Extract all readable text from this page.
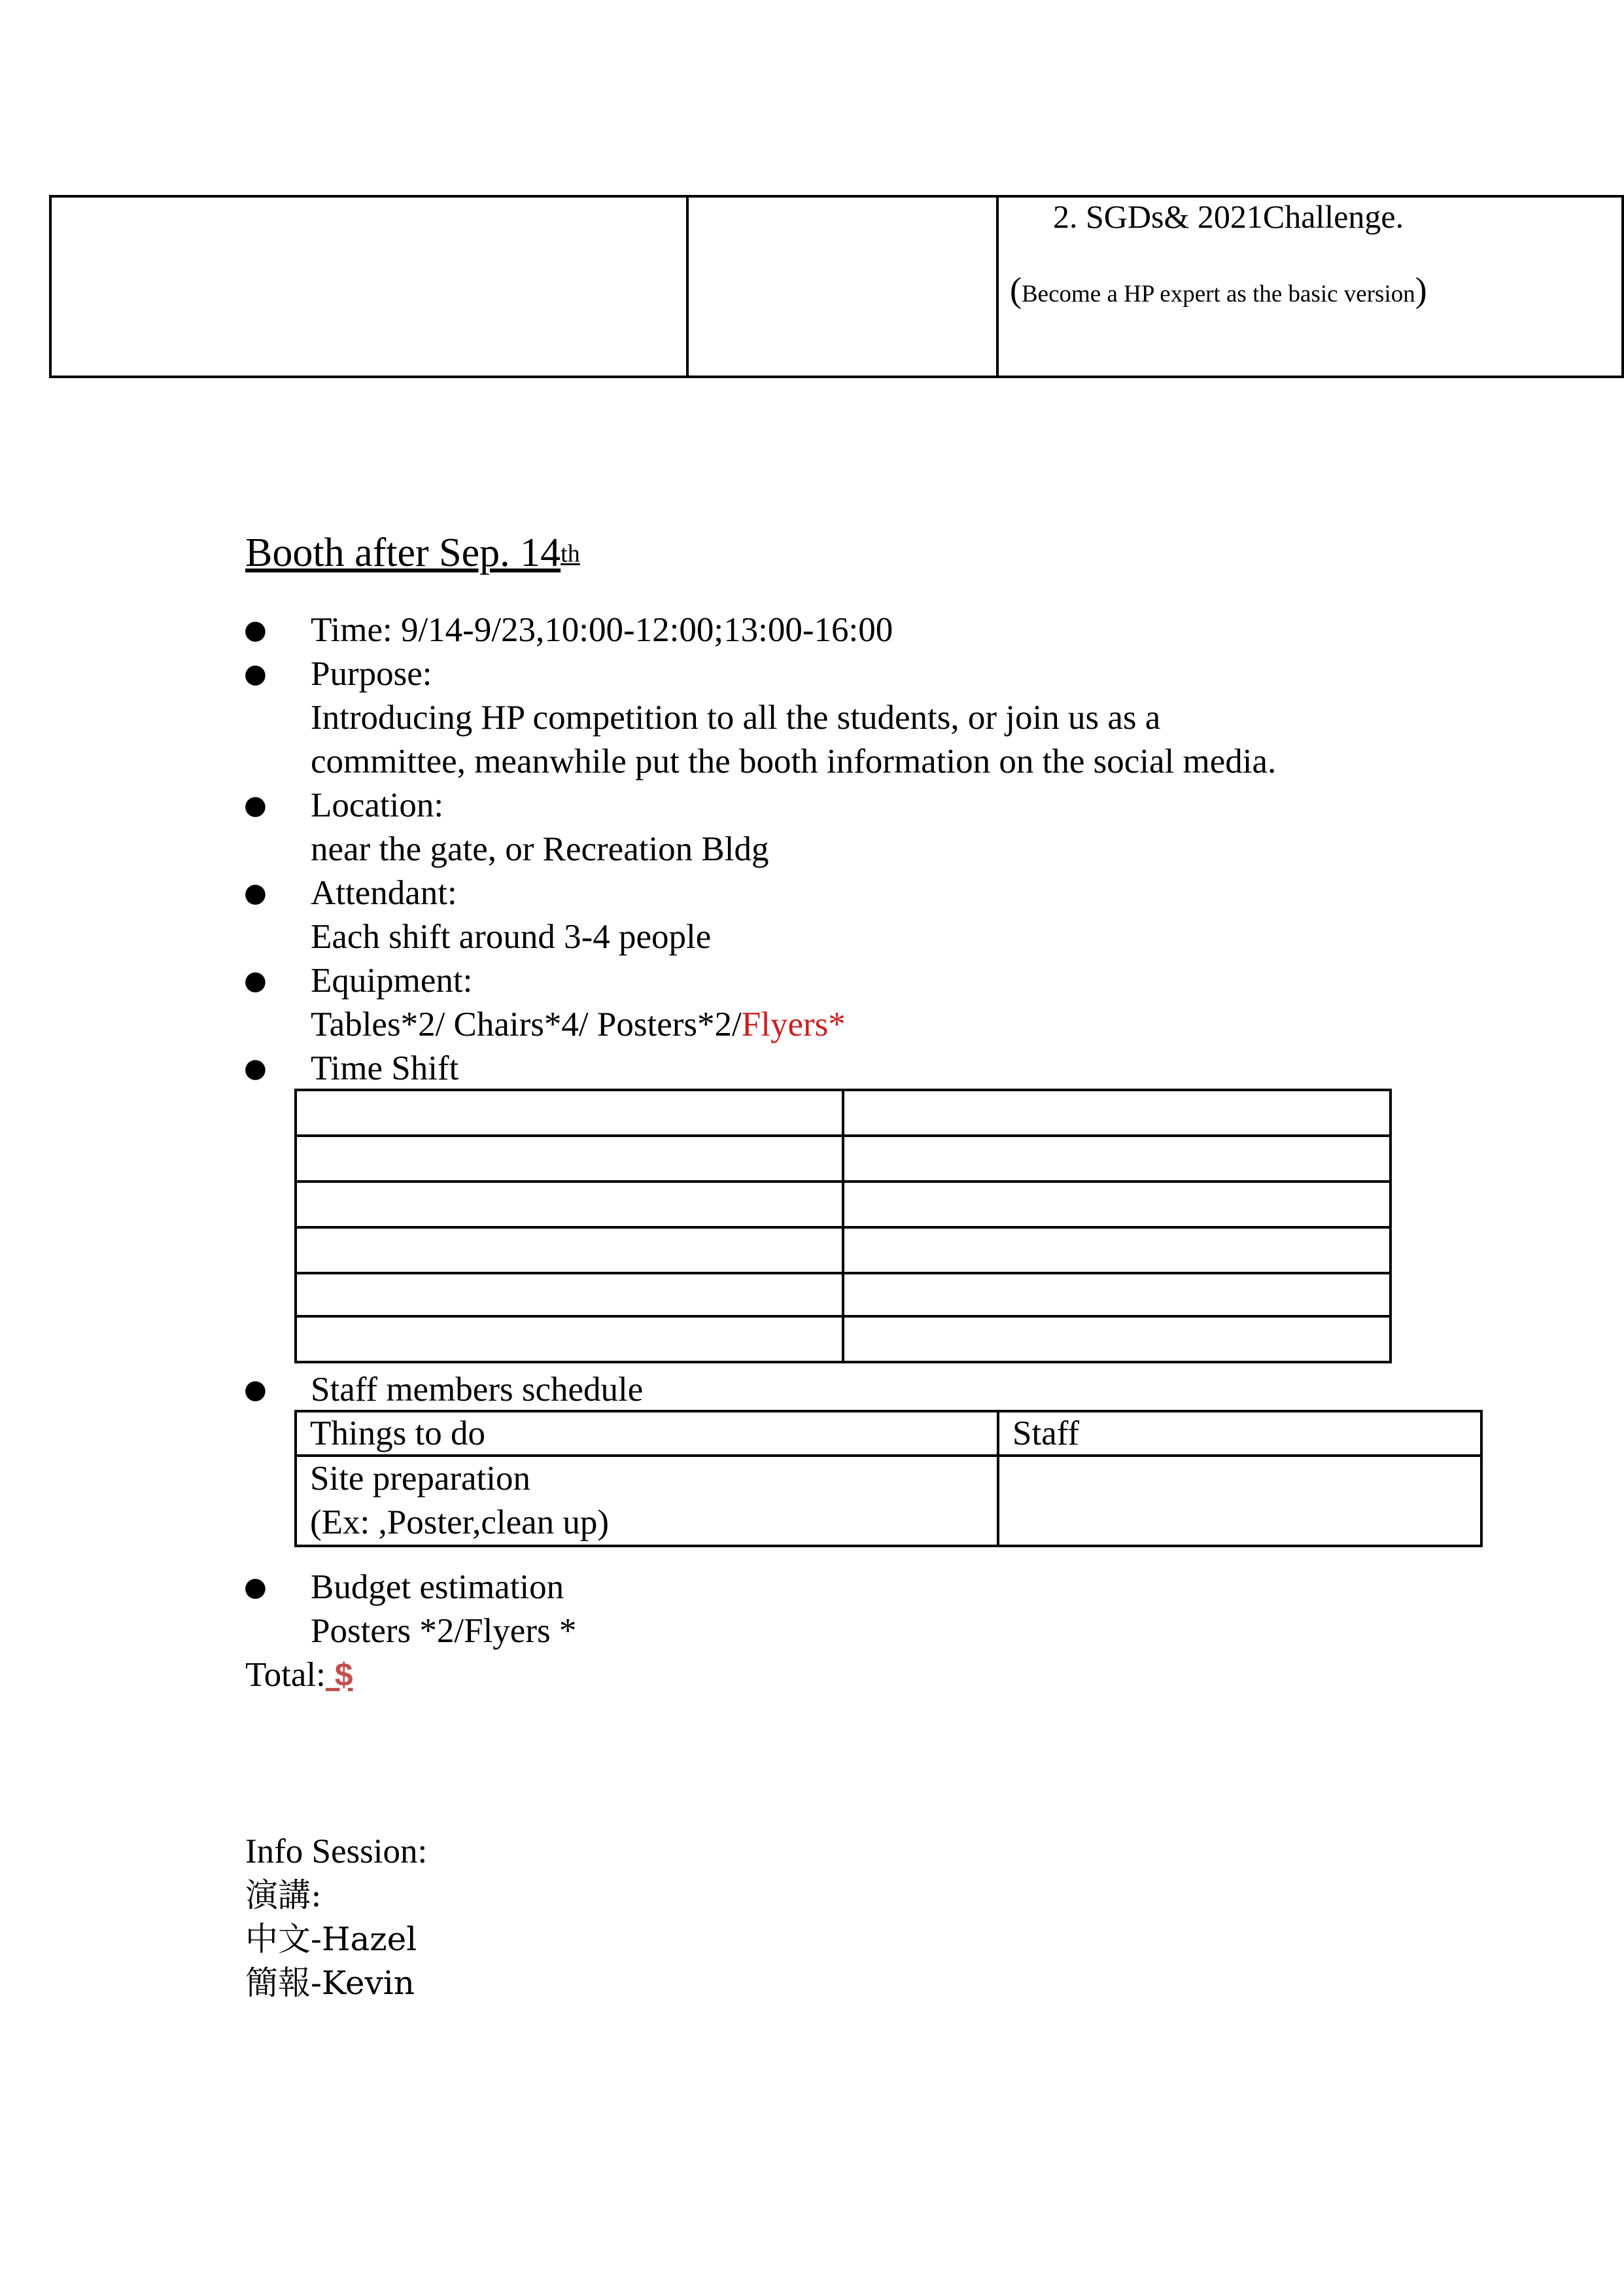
2. SGDs& 2021Challenge.
(Become a HP expert as the basic version)
Booth after Sep. 14th
● Time: 9/14-9/23,10:00-12:00;13:00-16:00
● Purpose:
Introducing HP competition to all the students, or join us as a
committee, meanwhile put the booth information on the social media.
● Location:
near the gate, or Recreation Bldg
● Attendant:
Each shift around 3-4 people
● Equipment:
Tables*2/ Chairs*4/ Posters*2/Flyers*
● Time Shift

● Staff members schedule
Things to do	Staff

Site preparation
(Ex: ,Poster,clean up)	

● Budget estimation
Posters *2/Flyers *
Total: $
Info Session:
演講:
中文-Hazel
簡報-Kevin
